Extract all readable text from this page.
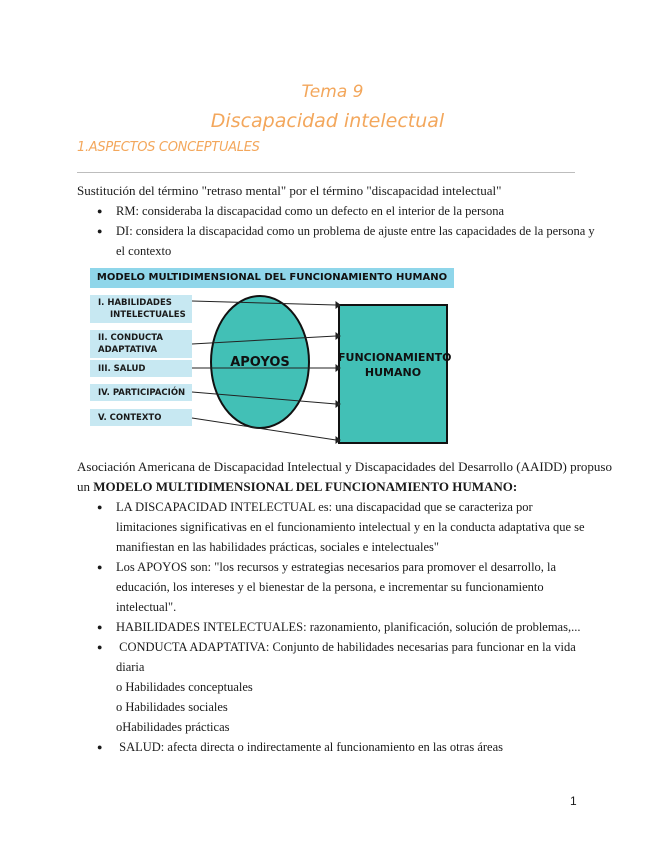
Tema 9
Discapacidad intelectual
1.ASPECTOS CONCEPTUALES
Sustitución del término "retraso mental" por el término "discapacidad intelectual"
● RM: consideraba la discapacidad como un defecto en el interior de la persona
● DI: considera la discapacidad como un problema de ajuste entre las capacidades de la persona y
el contexto
MODELO MULTIDIMENSIONAL DEL FUNCIONAMIENTO HUMANO
I. HABILIDADES
INTELECTUALES
II. CONDUCTA
ADAPTATIVA
III. SALUD
IV. PARTICIPACIÓN
V. CONTEXTO
APOYOS	FUNCIONAMIENTO
HUMANO
Asociación Americana de Discapacidad Intelectual y Discapacidades del Desarrollo (AAIDD) propuso
un MODELO MULTIDIMENSIONAL DEL FUNCIONAMIENTO HUMANO:
● LA DISCAPACIDAD INTELECTUAL es: una discapacidad que se caracteriza por
limitaciones significativas en el funcionamiento intelectual y en la conducta adaptativa que se
manifiestan en las habilidades prácticas, sociales e intelectuales"
● Los APOYOS son: "los recursos y estrategias necesarios para promover el desarrollo, la
educación, los intereses y el bienestar de la persona, e incrementar su funcionamiento
intelectual".
● HABILIDADES INTELECTUALES: razonamiento, planificación, solución de problemas,...
● CONDUCTA ADAPTATIVA: Conjunto de habilidades necesarias para funcionar en la vida
diaria
o Habilidades conceptuales
o Habilidades sociales
oHabilidades prácticas
● SALUD: afecta directa o indirectamente al funcionamiento en las otras áreas
1
